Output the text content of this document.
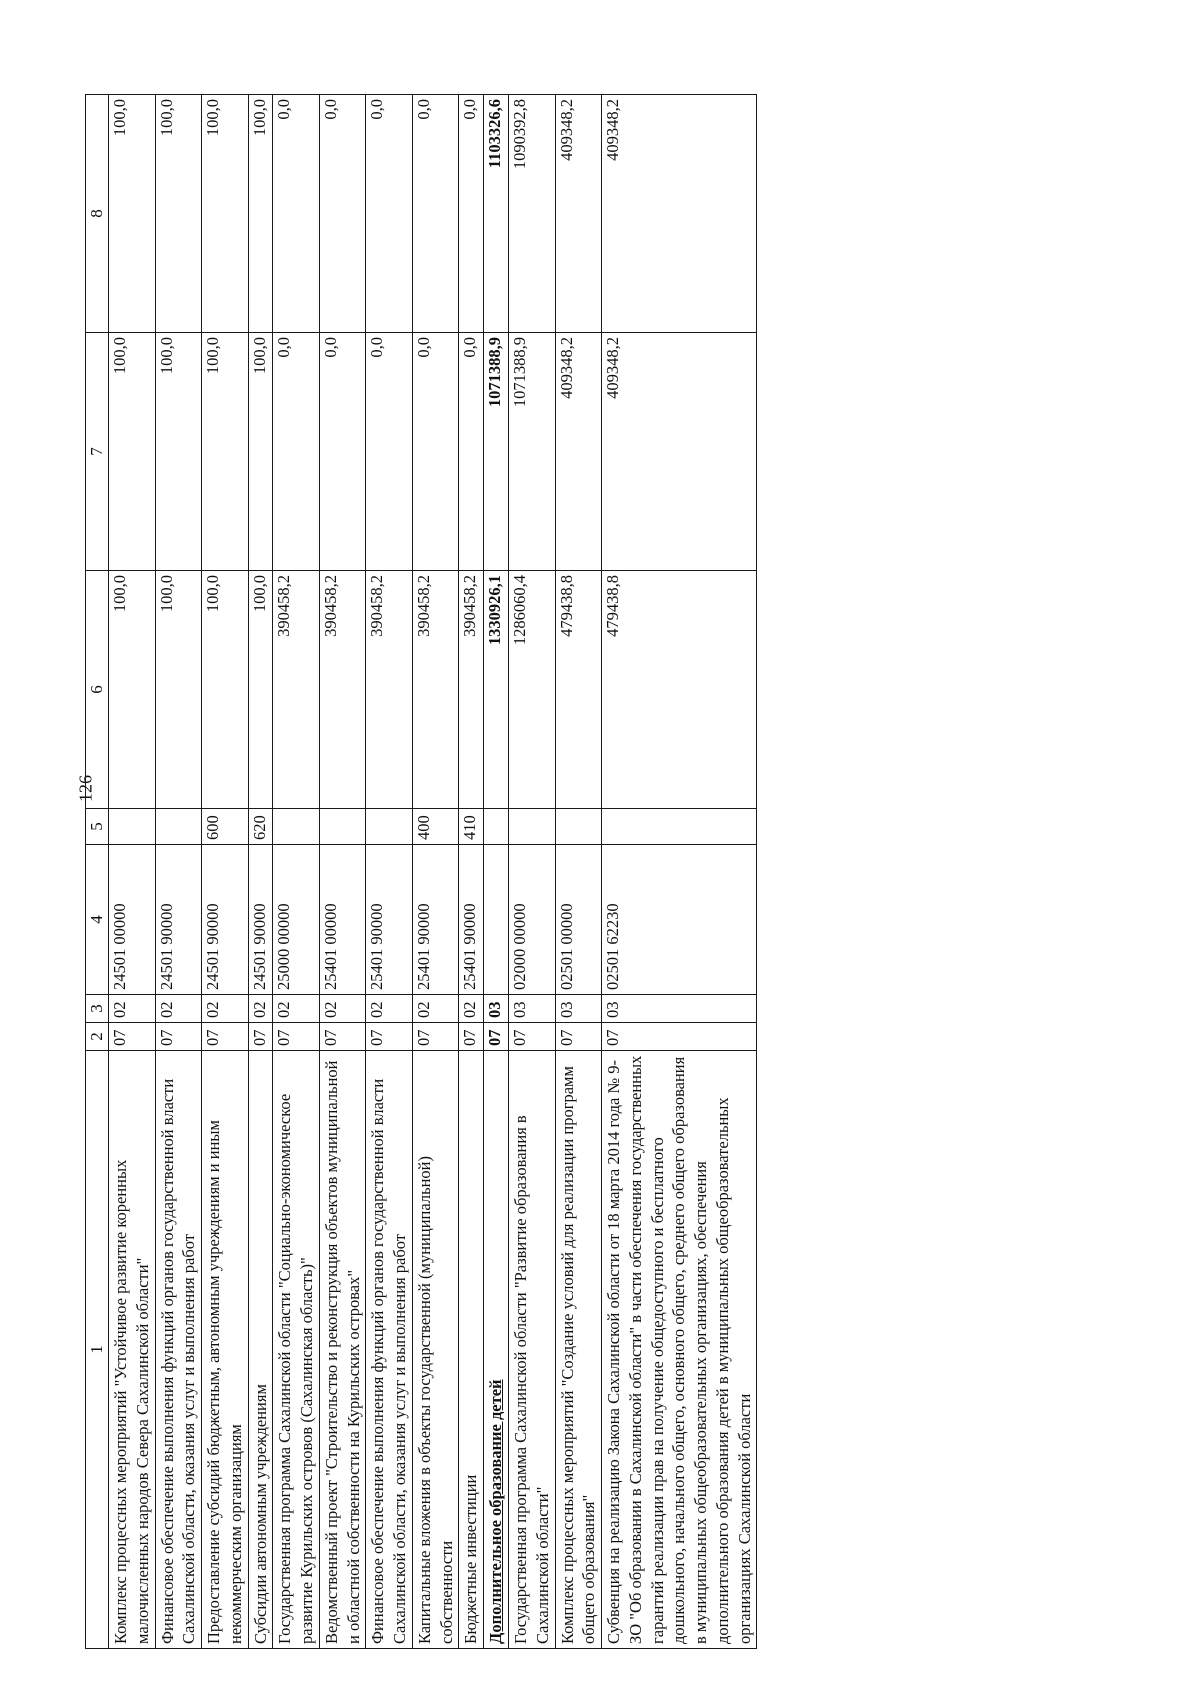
126
1	2	3	4	5	6	7	8
Комплекс процессных мероприятий "Устойчивое развитие коренных малочисленных народов Севера Сахалинской области"	07	02	24501 00000		100,0	100,0	100,0
Финансовое обеспечение выполнения функций органов государственной власти Сахалинской области, оказания услуг и выполнения работ	07	02	24501 90000		100,0	100,0	100,0
Предоставление субсидий бюджетным, автономным учреждениям и иным некоммерческим организациям	07	02	24501 90000	600	100,0	100,0	100,0
Субсидии автономным учреждениям	07	02	24501 90000	620	100,0	100,0	100,0
Государственная программа Сахалинской области "Социально-экономическое развитие Курильских островов (Сахалинская область)"	07	02	25000 00000		390458,2	0,0	0,0
Ведомственный проект "Строительство и реконструкция объектов муниципальной и областной собственности на Курильских островах"	07	02	25401 00000		390458,2	0,0	0,0
Финансовое обеспечение выполнения функций органов государственной власти Сахалинской области, оказания услуг и выполнения работ	07	02	25401 90000		390458,2	0,0	0,0
Капитальные вложения в объекты государственной (муниципальной) собственности	07	02	25401 90000	400	390458,2	0,0	0,0
Бюджетные инвестиции	07	02	25401 90000	410	390458,2	0,0	0,0
Дополнительное образование детей	07	03			1330926,1	1071388,9	1103326,6
Государственная программа Сахалинской области "Развитие образования в Сахалинской области"	07	03	02000 00000		1286060,4	1071388,9	1090392,8
Комплекс процессных мероприятий "Создание условий для реализации программ общего образования"	07	03	02501 00000		479438,8	409348,2	409348,2
Субвенция на реализацию Закона Сахалинской области от 18 марта 2014 года № 9-ЗО "Об образовании в Сахалинской области" в части обеспечения государственных гарантий реализации прав на получение общедоступного и бесплатного дошкольного, начального общего, основного общего, среднего общего образования в муниципальных общеобразовательных организациях, обеспечения дополнительного образования детей в муниципальных общеобразовательных организациях Сахалинской области	07	03	02501 62230		479438,8	409348,2	409348,2
